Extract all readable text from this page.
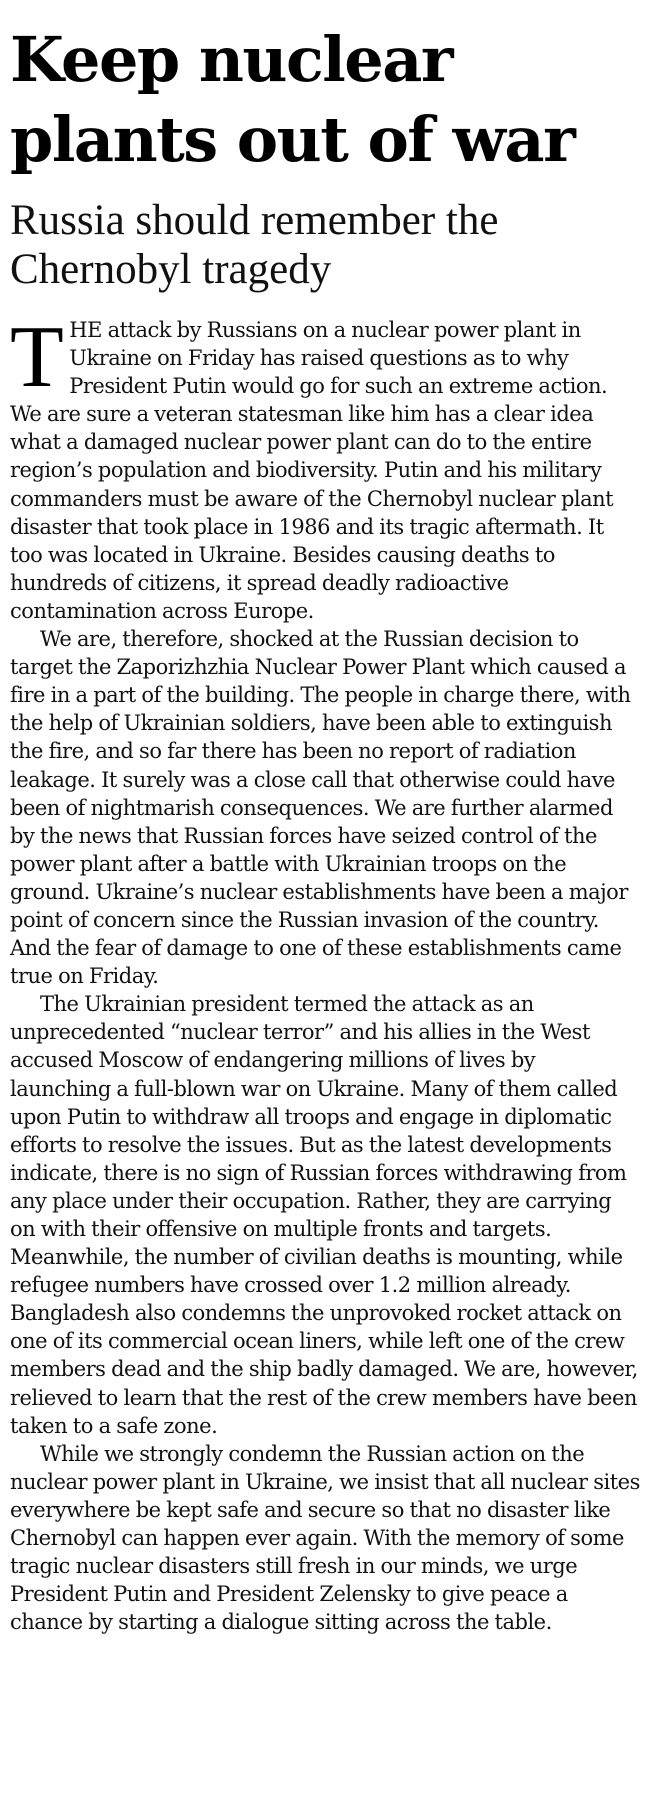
Keep nuclear plants out of war
Russia should remember the Chernobyl tragedy

THE attack by Russians on a nuclear power plant in Ukraine on Friday has raised questions as to why President Putin would go for such an extreme action. We are sure a veteran statesman like him has a clear idea what a damaged nuclear power plant can do to the entire region’s population and biodiversity. Putin and his military commanders must be aware of the Chernobyl nuclear plant disaster that took place in 1986 and its tragic aftermath. It too was located in Ukraine. Besides causing deaths to hundreds of citizens, it spread deadly radioactive contamination across Europe.

We are, therefore, shocked at the Russian decision to target the Zaporizhzhia Nuclear Power Plant which caused a fire in a part of the building. The people in charge there, with the help of Ukrainian soldiers, have been able to extinguish the fire, and so far there has been no report of radiation leakage. It surely was a close call that otherwise could have been of nightmarish consequences. We are further alarmed by the news that Russian forces have seized control of the power plant after a battle with Ukrainian troops on the ground. Ukraine’s nuclear establishments have been a major point of concern since the Russian invasion of the country. And the fear of damage to one of these establishments came true on Friday.

The Ukrainian president termed the attack as an unprecedented “nuclear terror” and his allies in the West accused Moscow of endangering millions of lives by launching a full-blown war on Ukraine. Many of them called upon Putin to withdraw all troops and engage in diplomatic efforts to resolve the issues. But as the latest developments indicate, there is no sign of Russian forces withdrawing from any place under their occupation. Rather, they are carrying on with their offensive on multiple fronts and targets. Meanwhile, the number of civilian deaths is mounting, while refugee numbers have crossed over 1.2 million already. Bangladesh also condemns the unprovoked rocket attack on one of its commercial ocean liners, while left one of the crew members dead and the ship badly damaged. We are, however, relieved to learn that the rest of the crew members have been taken to a safe zone.

While we strongly condemn the Russian action on the nuclear power plant in Ukraine, we insist that all nuclear sites everywhere be kept safe and secure so that no disaster like Chernobyl can happen ever again. With the memory of some tragic nuclear disasters still fresh in our minds, we urge President Putin and President Zelensky to give peace a chance by starting a dialogue sitting across the table.
